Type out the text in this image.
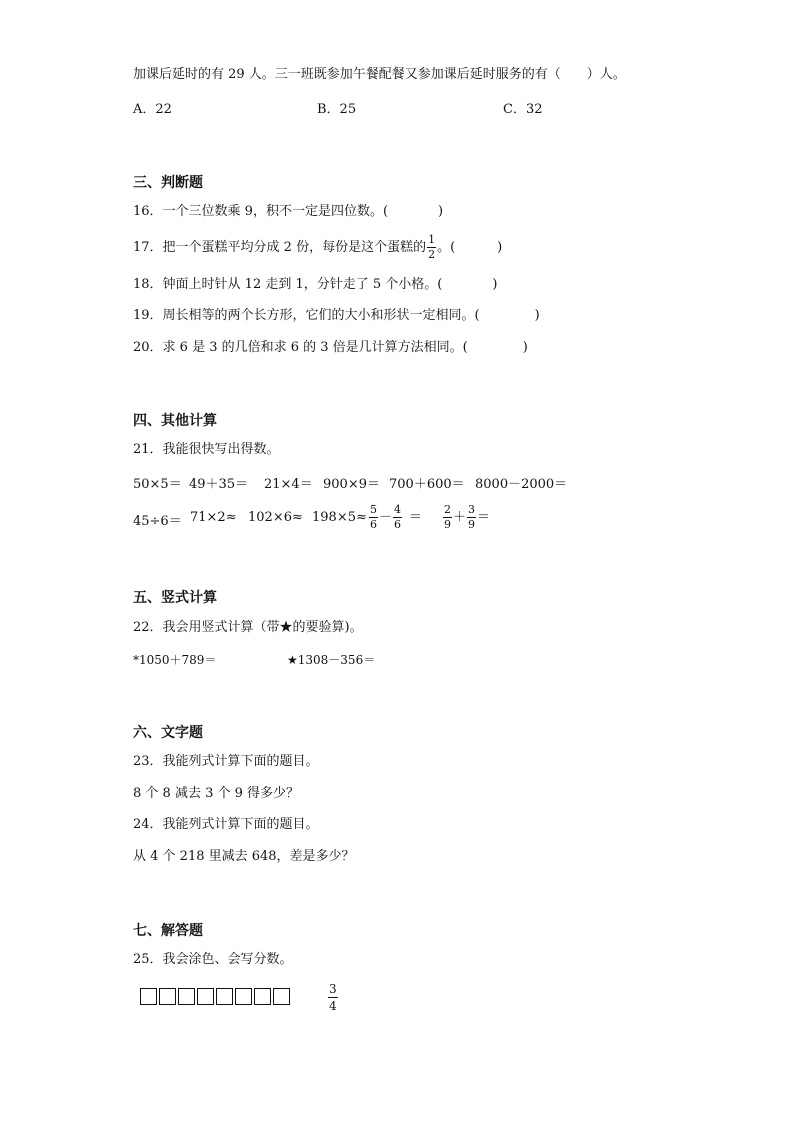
加课后延时的有 29 人。三一班既参加午餐配餐又参加课后延时服务的有（　　）人。
A．22	B．25	C．32
三、判断题
16．一个三位数乘 9，积不一定是四位数。(	)
17．把一个蛋糕平均分成 2 份，每份是这个蛋糕的 $\frac{1}{2}$ 。(	)
18．钟面上时针从 12 走到 1，分针走了 5 个小格。(	)
19．周长相等的两个长方形，它们的大小和形状一定相同。(	)
20．求 6 是 3 的几倍和求 6 的 3 倍是几计算方法相同。(	)
四、其他计算
21．我能很快写出得数。
50×5＝ 49＋35＝ 21×4＝ 900×9＝ 700＋600＝ 8000－2000＝
$45\div 6= 71\times 2\approx 102\times 6\approx 198\times 5\approx \frac{5}{6} - \frac{4}{6} = \frac{2}{9} + \frac{3}{9}$ ＝
五、竖式计算
22．我会用竖式计算（带★的要验算)。
*1050＋789＝	★1308－356＝
六、文字题
23．我能列式计算下面的题目。
8 个 8 减去 3 个 9 得多少？
24．我能列式计算下面的题目。
从 4 个 218 里减去 648，差是多少？
七、解答题
25．我会涂色、会写分数。
$\frac{3}{4}$
